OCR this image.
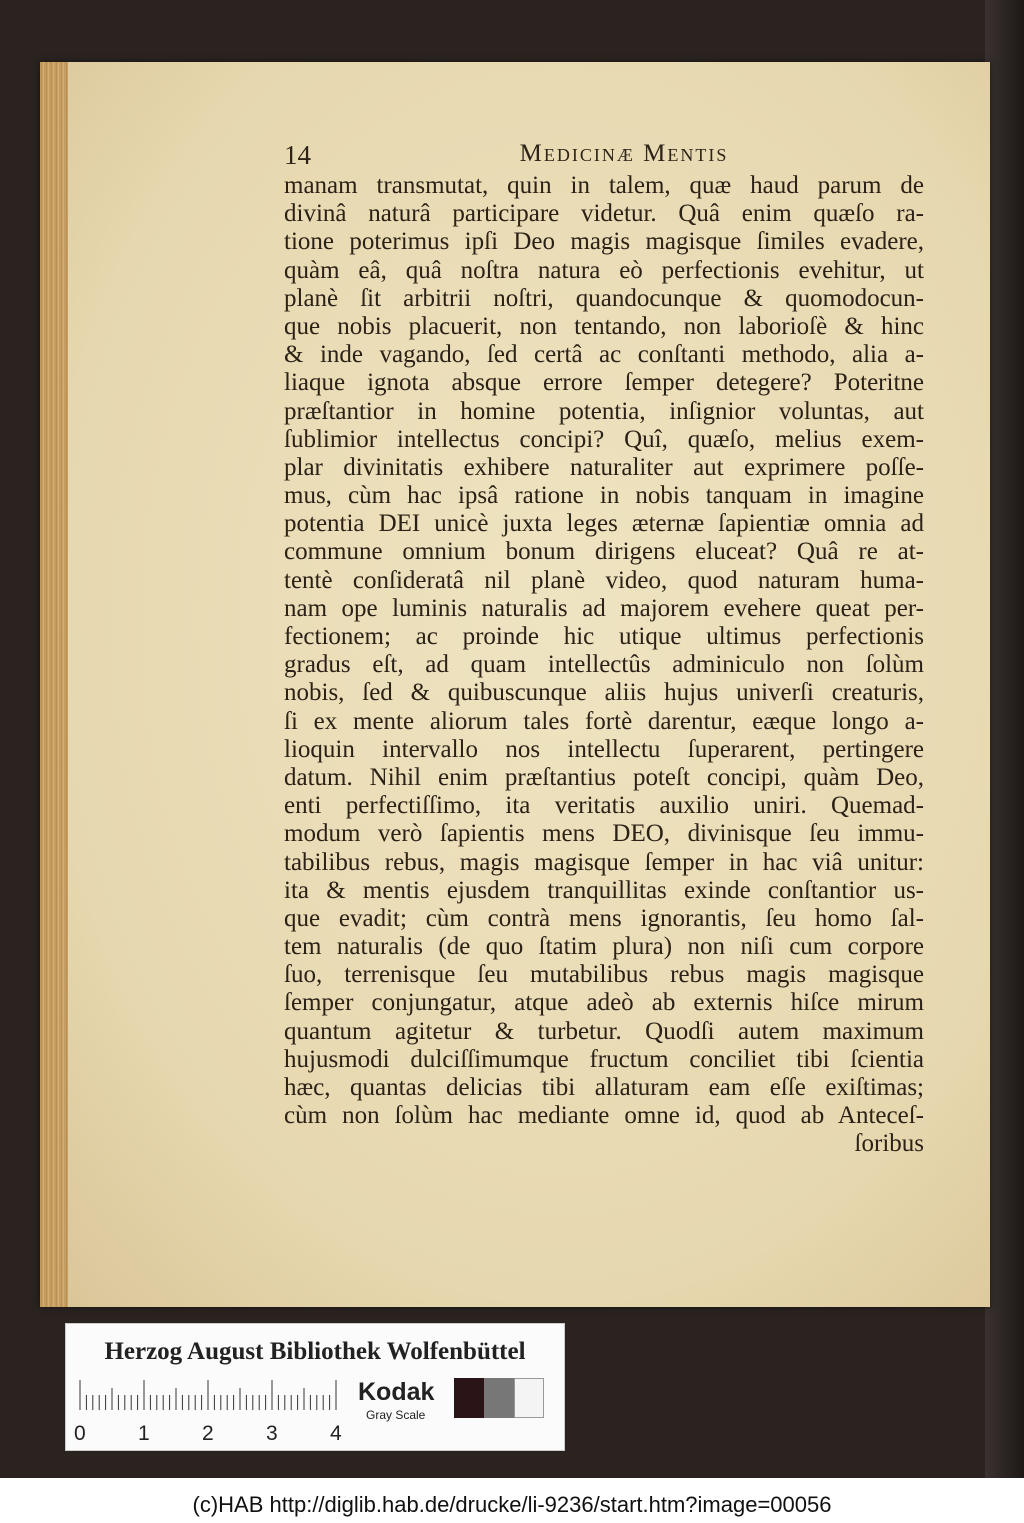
14	Medicinæ Mentis
manam transmutat, quin in talem, quæ haud parum de
divinâ naturâ participare videtur. Quâ enim quæſo ra-
tione poterimus ipſi Deo magis magisque ſimiles evadere,
quàm eâ, quâ noſtra natura eò perfectionis evehitur, ut
planè ſit arbitrii noſtri, quandocunque & quomodocun-
que nobis placuerit, non tentando, non laborioſè & hinc
& inde vagando, ſed certâ ac conſtanti methodo, alia a-
liaque ignota absque errore ſemper detegere? Poteritne
præſtantior in homine potentia, inſignior voluntas, aut
ſublimior intellectus concipi? Quî, quæſo, melius exem-
plar divinitatis exhibere naturaliter aut exprimere poſſe-
mus, cùm hac ipsâ ratione in nobis tanquam in imagine
potentia DEI unicè juxta leges æternæ ſapientiæ omnia ad
commune omnium bonum dirigens eluceat? Quâ re at-
tentè conſideratâ nil planè video, quod naturam huma-
nam ope luminis naturalis ad majorem evehere queat per-
fectionem; ac proinde hic utique ultimus perfectionis
gradus eſt, ad quam intellectûs adminiculo non ſolùm
nobis, ſed & quibuscunque aliis hujus univerſi creaturis,
ſi ex mente aliorum tales fortè darentur, eæque longo a-
lioquin intervallo nos intellectu ſuperarent, pertingere
datum. Nihil enim præſtantius poteſt concipi, quàm Deo,
enti perfectiſſimo, ita veritatis auxilio uniri. Quemad-
modum verò ſapientis mens DEO, divinisque ſeu immu-
tabilibus rebus, magis magisque ſemper in hac viâ unitur:
ita & mentis ejusdem tranquillitas exinde conſtantior us-
que evadit; cùm contrà mens ignorantis, ſeu homo ſal-
tem naturalis (de quo ſtatim plura) non niſi cum corpore
ſuo, terrenisque ſeu mutabilibus rebus magis magisque
ſemper conjungatur, atque adeò ab externis hiſce mirum
quantum agitetur & turbetur. Quodſi autem maximum
hujusmodi dulciſſimumque fructum conciliet tibi ſcientia
hæc, quantas delicias tibi allaturam eam eſſe exiſtimas;
cùm non ſolùm hac mediante omne id, quod ab Anteceſ-
ſoribus
Herzog August Bibliothek Wolfenbüttel
0 1 2 3 4
Kodak
Gray Scale
(c)HAB http://diglib.hab.de/drucke/li-9236/start.htm?image=00056
